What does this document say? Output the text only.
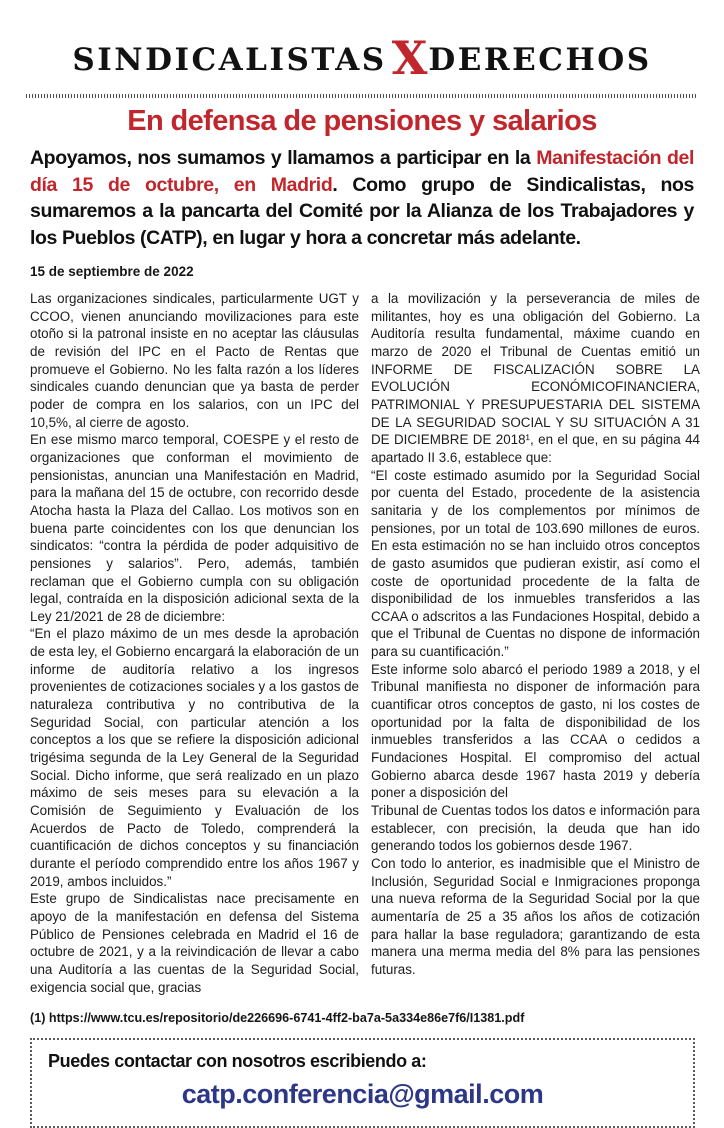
SINDICALISTAS XDERECHOS
En defensa de pensiones y salarios

Apoyamos, nos sumamos y llamamos a participar en la Manifestación del día 15 de octubre, en Madrid. Como grupo de Sindicalistas, nos sumaremos a la pancarta del Comité por la Alianza de los Trabajadores y los Pueblos (CATP), en lugar y hora a concretar más adelante.

15 de septiembre de 2022

Las organizaciones sindicales, particularmente UGT y CCOO, vienen anunciando movilizaciones para este otoño si la patronal insiste en no aceptar las cláusulas de revisión del IPC en el Pacto de Rentas que promueve el Gobierno. No les falta razón a los líderes sindicales cuando denuncian que ya basta de perder poder de compra en los salarios, con un IPC del 10,5%, al cierre de agosto.

En ese mismo marco temporal, COESPE y el resto de organizaciones que conforman el movimiento de pensionistas, anuncian una Manifestación en Madrid, para la mañana del 15 de octubre, con recorrido desde Atocha hasta la Plaza del Callao. Los motivos son en buena parte coincidentes con los que denuncian los sindicatos: “contra la pérdida de poder adquisitivo de pensiones y salarios”. Pero, además, también reclaman que el Gobierno cumpla con su obligación legal, contraída en la disposición adicional sexta de la Ley 21/2021 de 28 de diciembre:

“En el plazo máximo de un mes desde la aprobación de esta ley, el Gobierno encargará la elaboración de un informe de auditoría relativo a los ingresos provenientes de cotizaciones sociales y a los gastos de naturaleza contributiva y no contributiva de la Seguridad Social, con particular atención a los conceptos a los que se refiere la disposición adicional trigésima segunda de la Ley General de la Seguridad Social. Dicho informe, que será realizado en un plazo máximo de seis meses para su elevación a la Comisión de Seguimiento y Evaluación de los Acuerdos de Pacto de Toledo, comprenderá la cuantificación de dichos conceptos y su financiación durante el período comprendido entre los años 1967 y 2019, ambos incluidos.”

Este grupo de Sindicalistas nace precisamente en apoyo de la manifestación en defensa del Sistema Público de Pensiones celebrada en Madrid el 16 de octubre de 2021, y a la reivindicación de llevar a cabo una Auditoría a las cuentas de la Seguridad Social, exigencia social que, gracias

a la movilización y la perseverancia de miles de militantes, hoy es una obligación del Gobierno. La Auditoría resulta fundamental, máxime cuando en marzo de 2020 el Tribunal de Cuentas emitió un INFORME DE FISCALIZACIÓN SOBRE LA EVOLUCIÓN ECONÓMICOFINANCIERA, PATRIMONIAL Y PRESUPUESTARIA DEL SISTEMA DE LA SEGURIDAD SOCIAL Y SU SITUACIÓN A 31 DE DICIEMBRE DE 2018¹, en el que, en su página 44 apartado II 3.6, establece que:

“El coste estimado asumido por la Seguridad Social por cuenta del Estado, procedente de la asistencia sanitaria y de los complementos por mínimos de pensiones, por un total de 103.690 millones de euros. En esta estimación no se han incluido otros conceptos de gasto asumidos que pudieran existir, así como el coste de oportunidad procedente de la falta de disponibilidad de los inmuebles transferidos a las CCAA o adscritos a las Fundaciones Hospital, debido a que el Tribunal de Cuentas no dispone de información para su cuantificación.”

Este informe solo abarcó el periodo 1989 a 2018, y el Tribunal manifiesta no disponer de información para cuantificar otros conceptos de gasto, ni los costes de oportunidad por la falta de disponibilidad de los inmuebles transferidos a las CCAA o cedidos a Fundaciones Hospital. El compromiso del actual Gobierno abarca desde 1967 hasta 2019 y debería poner a disposición del

Tribunal de Cuentas todos los datos e información para establecer, con precisión, la deuda que han ido generando todos los gobiernos desde 1967.

Con todo lo anterior, es inadmisible que el Ministro de Inclusión, Seguridad Social e Inmigraciones proponga una nueva reforma de la Seguridad Social por la que aumentaría de 25 a 35 años los años de cotización para hallar la base reguladora; garantizando de esta manera una merma media del 8% para las pensiones futuras.

(1) https://www.tcu.es/repositorio/de226696-6741-4ff2-ba7a-5a334e86e7f6/I1381.pdf
Puedes contactar con nosotros escribiendo a:
catp.conferencia@gmail.com
